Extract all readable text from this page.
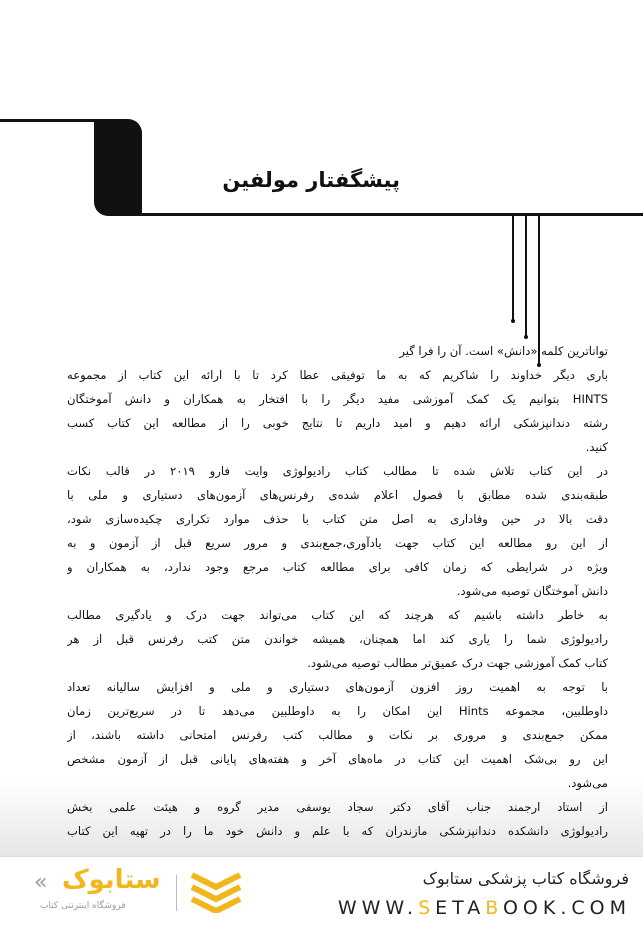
پیشگفتار مولفین
توانا‌ترین کلمه «دانش» است. آن را فرا گیر
باری دیگر خداوند را شاکریم که به ما توفیقی عطا کرد تا با ارائه این کتاب از مجموعه
HINTS بتوانیم یک کمک آموزشی مفید دیگر را با افتخار به همکاران و دانش آموختگان
رشته دندانپزشکی ارائه دهیم و امید داریم تا نتایج خوبی را از مطالعه این کتاب کسب
کنید.
در این کتاب تلاش شده تا مطالب کتاب رادیولوژی وایت فارو ۲۰۱۹ در قالب نکات
طبقه‌بندی شده مطابق با فصول اعلام شده‌ی رفرنس‌های آزمون‌های دستیاری و ملی با
دقت بالا در حین وفاداری به اصل متن کتاب با حذف موارد تکراری چکیده‌سازی شود،
از این رو مطالعه این کتاب جهت یادآوری،جمع‌بندی و مرور سریع قبل از آزمون و به
ویژه در شرایطی که زمان کافی برای مطالعه کتاب مرجع وجود ندارد، به همکاران و
دانش آموختگان توصیه می‌شود.
به خاطر داشته باشیم که هرچند که این کتاب می‌تواند جهت درک و یادگیری مطالب
رادیولوژی شما را یاری کند اما همچنان، همیشه خواندن متن کتب رفرنس قبل از هر
کتاب کمک آموزشی جهت درک عمیق‌تر مطالب توصیه می‌شود.
با توجه به اهمیت روز افزون آزمون‌های دستیاری و ملی و افزایش سالیانه تعداد
داوطلبین، مجموعه Hints این امکان را به داوطلبین می‌دهد تا در سریع‌ترین زمان
ممکن جمع‌بندی و مروری بر نکات و مطالب کتب رفرنس امتحانی داشته باشند، از
این رو بی‌شک اهمیت این کتاب در ماه‌های آخر و هفته‌های پایانی قبل از آزمون مشخص
می‌شود.
از استاد ارجمند جناب آقای دکتر سجاد یوسفی مدیر گروه و هیئت علمی بخش
رادیولوژی دانشکده دندانپزشکی مازندران که با علم و دانش خود ما را در تهیه این کتاب
فروشگاه کتاب پزشکی ستابوک
WWW.SETABOOK.COM
« ستابوک
فروشگاه اینترنتی کتاب
